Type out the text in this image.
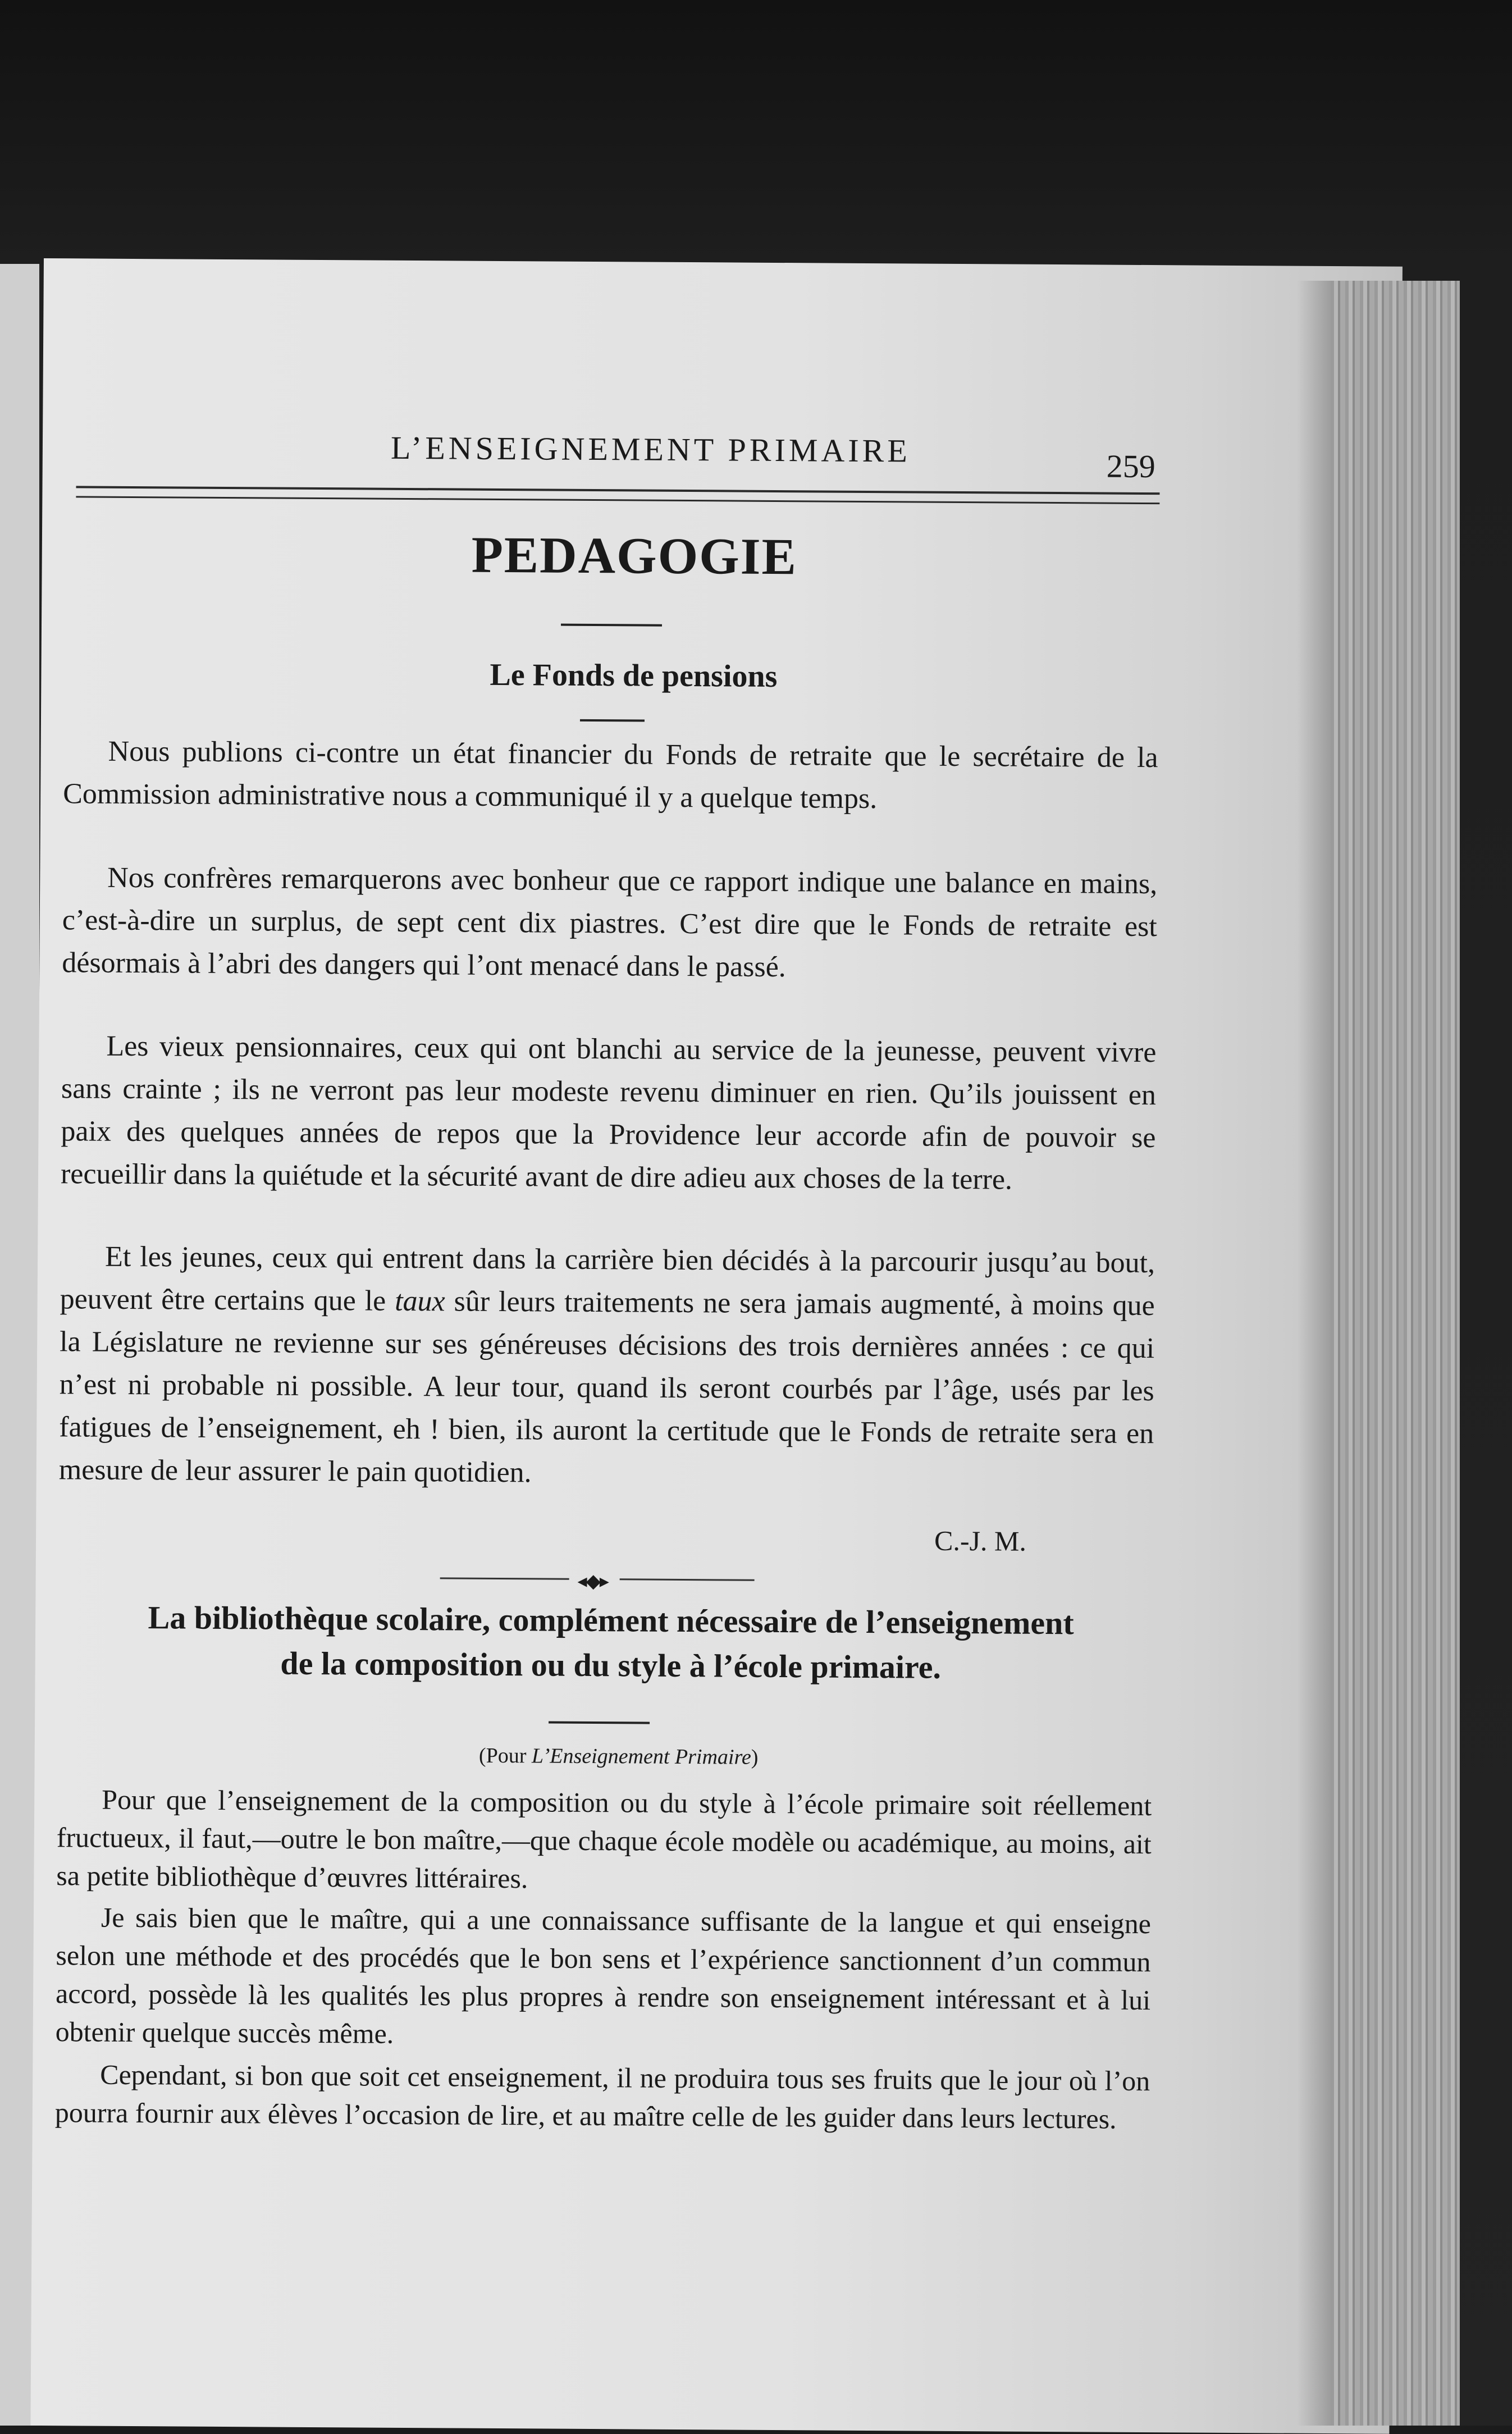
L’ENSEIGNEMENT PRIMAIRE	259
PEDAGOGIE
Le Fonds de pensions
Nous publions ci-contre un état financier du Fonds de retraite que le secrétaire de la Commission administrative nous a communiqué il y a quelque temps.
Nos confrères remarquerons avec bonheur que ce rapport indique une balance en mains, c’est-à-dire un surplus, de sept cent dix piastres. C’est dire que le Fonds de retraite est désormais à l’abri des dangers qui l’ont menacé dans le passé.
Les vieux pensionnaires, ceux qui ont blanchi au service de la jeunesse, peuvent vivre sans crainte ; ils ne verront pas leur modeste revenu diminuer en rien. Qu’ils jouissent en paix des quelques années de repos que la Providence leur accorde afin de pouvoir se recueillir dans la quiétude et la sécurité avant de dire adieu aux choses de la terre.
Et les jeunes, ceux qui entrent dans la carrière bien décidés à la parcourir jusqu’au bout, peuvent être certains que le taux sûr leurs traitements ne sera jamais augmenté, à moins que la Législature ne revienne sur ses généreuses décisions des trois dernières années : ce qui n’est ni probable ni possible. A leur tour, quand ils seront courbés par l’âge, usés par les fatigues de l’enseignement, eh ! bien, ils auront la certitude que le Fonds de retraite sera en mesure de leur assurer le pain quotidien.
C.-J. M.
◂◆▸
La bibliothèque scolaire, complément nécessaire de l’enseignement
de la composition ou du style à l’école primaire.
(Pour L’Enseignement Primaire)
Pour que l’enseignement de la composition ou du style à l’école primaire soit réellement fructueux, il faut,—outre le bon maître,—que chaque école modèle ou académique, au moins, ait sa petite bibliothèque d’œuvres littéraires.
Je sais bien que le maître, qui a une connaissance suffisante de la langue et qui enseigne selon une méthode et des procédés que le bon sens et l’expérience sanctionnent d’un commun accord, possède là les qualités les plus propres à rendre son enseignement intéressant et à lui obtenir quelque succès même.
Cependant, si bon que soit cet enseignement, il ne produira tous ses fruits que le jour où l’on pourra fournir aux élèves l’occasion de lire, et au maître celle de les guider dans leurs lectures.
